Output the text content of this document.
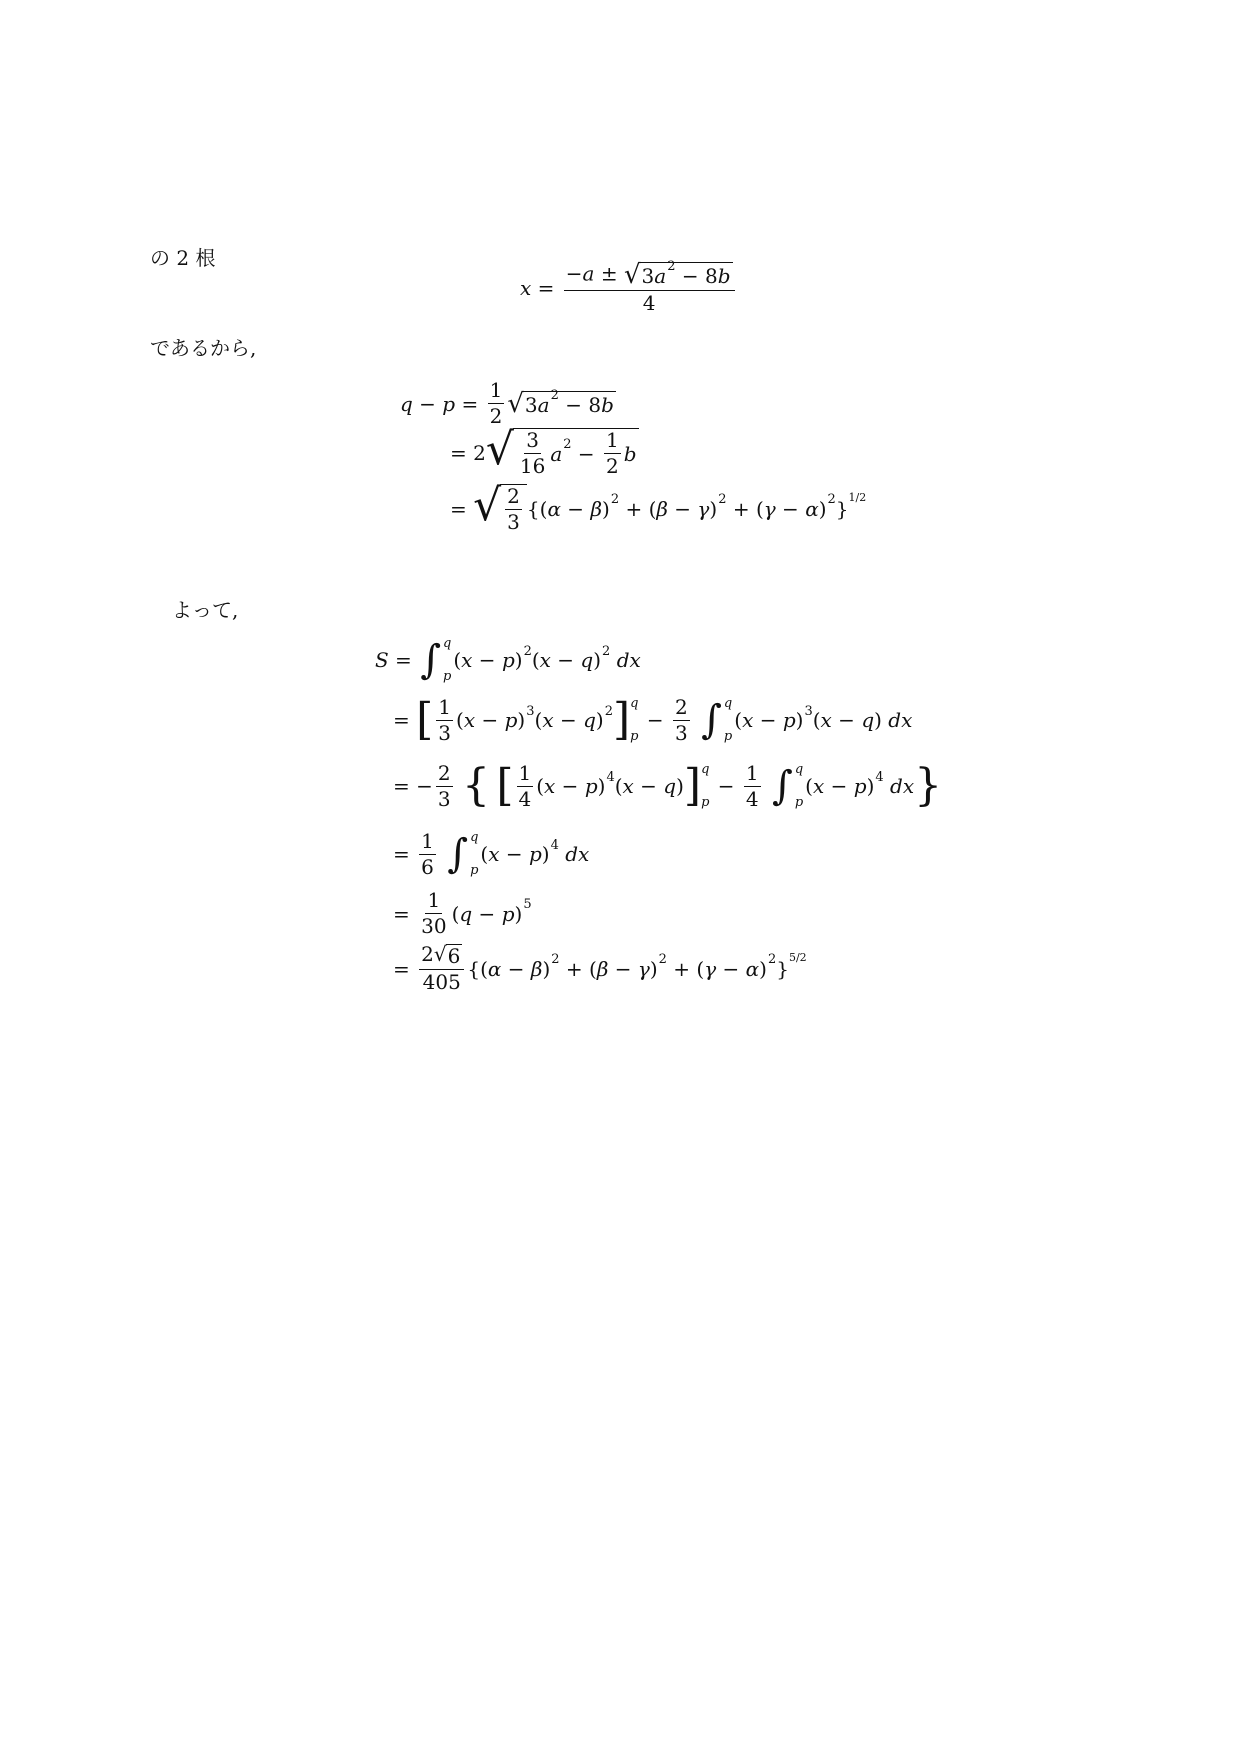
の 2 根
$x = \frac{-a \pm √ 3 a 2 - 8 b}{4}$
であるから,
$q - p = \frac{1}{2}$ √ 3 a 2 − 8 b
= 2 √ $\frac{3}{16}$ a $2 - \frac{1}{2}$ b
= √ $\frac{2}{3}$ {( α − β ) 2 + ( β − γ ) 2 + ( γ − α ) 2 } 1/2
よって,
S = ∫ q
p
( x − p ) 2 ( x − q ) 2
dx
= [ $\frac{1}{3}$ ( x − p ) 3 ( x − q ) 2 ] q
p
− $\frac{2}{3}$
∫ q
p
( x − p ) 3 ( x − q ) dx
= − $\frac{2}{3}$
{
[ $\frac{1}{4}$ ( x − p ) 4 ( x − q ) ] q
p
− $\frac{1}{4}$
∫ q
p
( x − p ) 4
dx }
= $\frac{1}{6}$
∫ q
p
( x − p ) 4
dx
= $\frac{1}{30}$ ( q − p ) 5
= $\frac{2 √ 6}{405}$ {( α − β ) 2 + ( β − γ ) 2 + ( γ − α ) 2 } 5/2
